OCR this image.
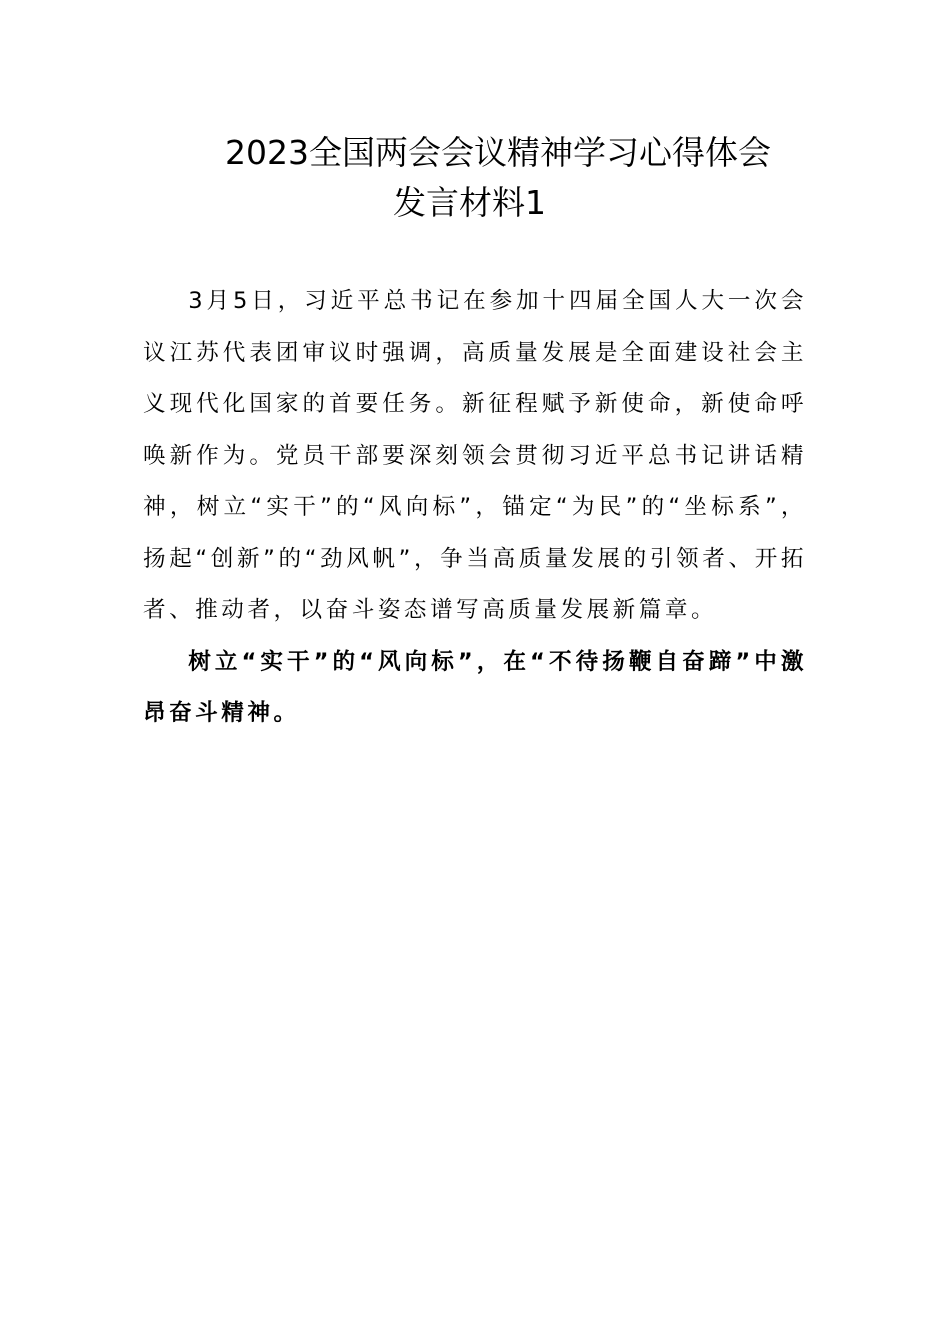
2023全国两会会议精神学习心得体会
发言材料1

3月5日，习近平总书记在参加十四届全国人大一次会议江苏代表团审议时强调，高质量发展是全面建设社会主义现代化国家的首要任务。新征程赋予新使命，新使命呼唤新作为。党员干部要深刻领会贯彻习近平总书记讲话精神，树立“实干”的“风向标”，锚定“为民”的“坐标系”，扬起“创新”的“劲风帆”，争当高质量发展的引领者、开拓者、推动者，以奋斗姿态谱写高质量发展新篇章。

树立“实干”的“风向标”，在“不待扬鞭自奋蹄”中激昂奋斗精神。
